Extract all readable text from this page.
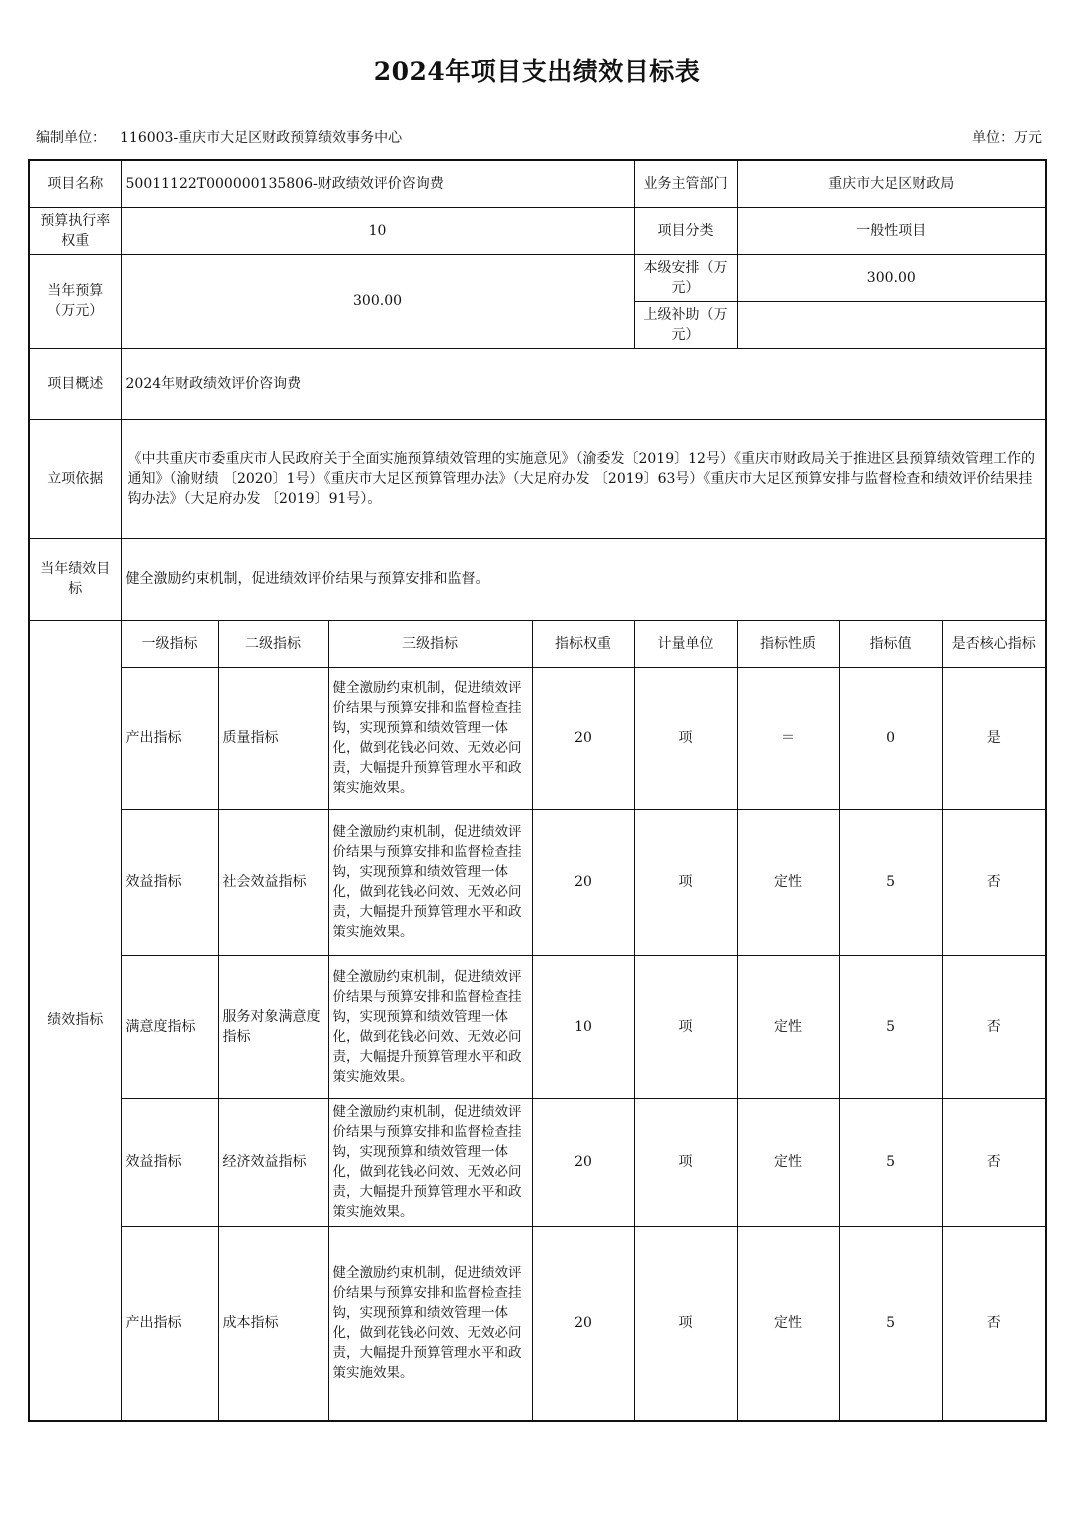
2024年项目支出绩效目标表
编制单位： 116003-重庆市大足区财政预算绩效事务中心	单位：万元
项目名称	50011122T000000135806-财政绩效评价咨询费				业务主管部门	重庆市大足区财政局		
预算执行率权重	10				项目分类	一般性项目		
当年预算（万元）	300.00				本级安排（万元）	300.00		
					上级补助（万元）			
项目概述	2024年财政绩效评价咨询费							
立项依据	《中共重庆市委重庆市人民政府关于全面实施预算绩效管理的实施意见》（渝委发〔2019〕12号）《重庆市财政局关于推进区县预算绩效管理工作的通知》（渝财绩 〔2020〕1号）《重庆市大足区预算管理办法》（大足府办发 〔2019〕63号）《重庆市大足区预算安排与监督检查和绩效评价结果挂钩办法》（大足府办发 〔2019〕91号）。							
当年绩效目标	健全激励约束机制，促进绩效评价结果与预算安排和监督。							
绩效指标	一级指标	二级指标	三级指标	指标权重	计量单位	指标性质	指标值	是否核心指标
	产出指标	质量指标	健全激励约束机制，促进绩效评价结果与预算安排和监督检查挂钩，实现预算和绩效管理一体化，做到花钱必问效、无效必问责，大幅提升预算管理水平和政策实施效果。	20	项	＝	0	是
	效益指标	社会效益指标	健全激励约束机制，促进绩效评价结果与预算安排和监督检查挂钩，实现预算和绩效管理一体化，做到花钱必问效、无效必问责，大幅提升预算管理水平和政策实施效果。	20	项	定性	5	否
	满意度指标	服务对象满意度指标	健全激励约束机制，促进绩效评价结果与预算安排和监督检查挂钩，实现预算和绩效管理一体化，做到花钱必问效、无效必问责，大幅提升预算管理水平和政策实施效果。	10	项	定性	5	否
	效益指标	经济效益指标	健全激励约束机制，促进绩效评价结果与预算安排和监督检查挂钩，实现预算和绩效管理一体化，做到花钱必问效、无效必问责，大幅提升预算管理水平和政策实施效果。	20	项	定性	5	否
	产出指标	成本指标	健全激励约束机制，促进绩效评价结果与预算安排和监督检查挂钩，实现预算和绩效管理一体化，做到花钱必问效、无效必问责，大幅提升预算管理水平和政策实施效果。	20	项	定性	5	否
